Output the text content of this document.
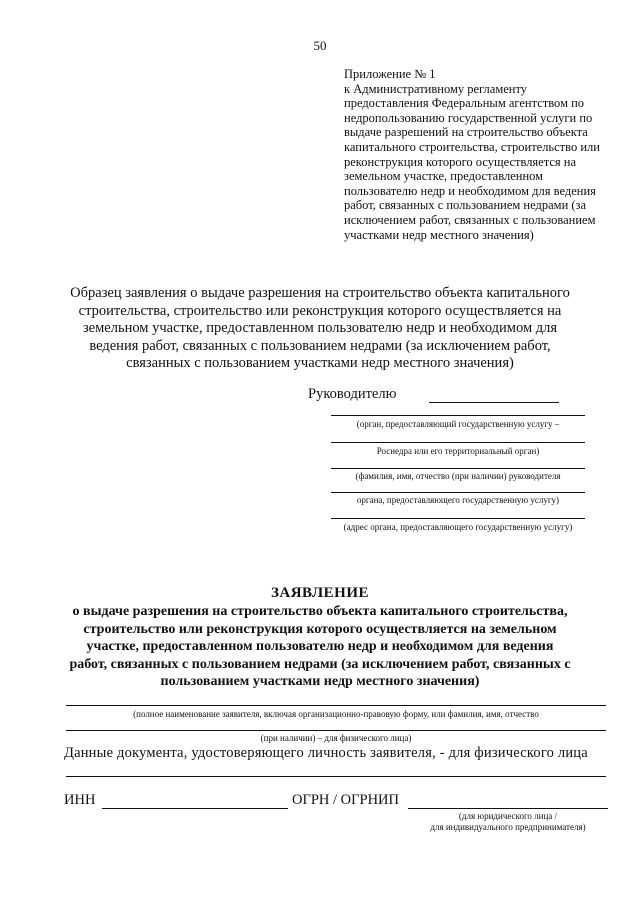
50
Приложение № 1
к Административному регламенту
предоставления Федеральным агентством по
недропользованию государственной услуги по
выдаче разрешений на строительство объекта
капитального строительства, строительство или
реконструкция которого осуществляется на
земельном участке, предоставленном
пользователю недр и необходимом для ведения
работ, связанных с пользованием недрами (за
исключением работ, связанных с пользованием
участками недр местного значения)
Образец заявления о выдаче разрешения на строительство объекта капитального
строительства, строительство или реконструкция которого осуществляется на
земельном участке, предоставленном пользователю недр и необходимом для
ведения работ, связанных с пользованием недрами (за исключением работ,
связанных с пользованием участками недр местного значения)
Руководителю
(орган, предоставляющий государственную услугу –
Роснедра или его территориальный орган)
(фамилия, имя, отчество (при наличии) руководителя
органа, предоставляющего государственную услугу)
(адрес органа, предоставляющего государственную услугу)
ЗАЯВЛЕНИЕ
о выдаче разрешения на строительство объекта капитального строительства,
строительство или реконструкция которого осуществляется на земельном
участке, предоставленном пользователю недр и необходимом для ведения
работ, связанных с пользованием недрами (за исключением работ, связанных с
пользованием участками недр местного значения)
(полное наименование заявителя, включая организационно-правовую форму, или фамилия, имя, отчество
(при наличии) – для физического лица)
Данные документа, удостоверяющего личность заявителя, - для физического лица
ИНН	ОГРН / ОГРНИП
(для юридического лица /
для индивидуального предпринимателя)
